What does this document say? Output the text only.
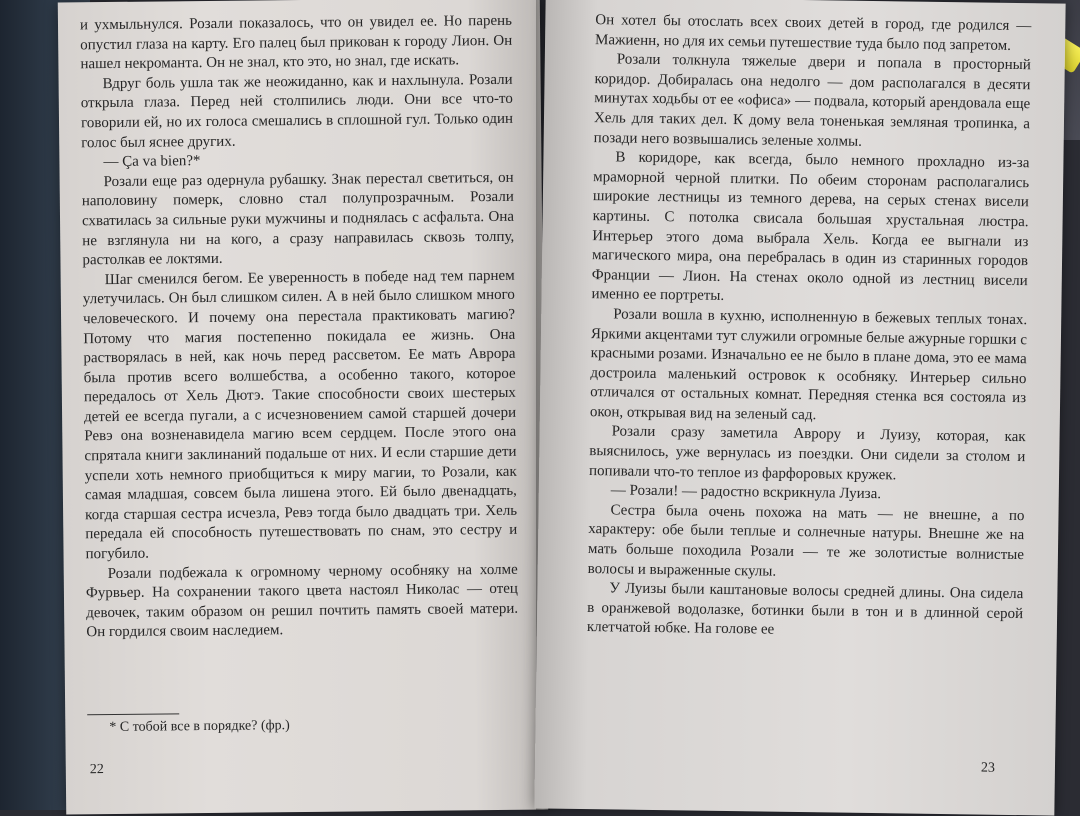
и ухмыльнулся. Розали показалось, что он увидел ее. Но парень опустил глаза на карту. Его палец был прикован к городу Лион. Он нашел некроманта. Он не знал, кто это, но знал, где искать.

Вдруг боль ушла так же неожиданно, как и нахлынула. Розали открыла глаза. Перед ней столпились люди. Они все что-то говорили ей, но их голоса смешались в сплошной гул. Только один голос был яснее других.

— Ça va bien?*

Розали еще раз одернула рубашку. Знак перестал светиться, он наполовину померк, словно стал полупрозрачным. Розали схватилась за сильные руки мужчины и поднялась с асфальта. Она не взглянула ни на кого, а сразу направилась сквозь толпу, растолкав ее локтями.

Шаг сменился бегом. Ее уверенность в победе над тем парнем улетучилась. Он был слишком силен. А в ней было слишком много человеческого. И почему она перестала практиковать магию? Потому что магия постепенно покидала ее жизнь. Она растворялась в ней, как ночь перед рассветом. Ее мать Аврора была против всего волшебства, а особенно такого, которое передалось от Хель Дютэ. Такие способности своих шестерых детей ее всегда пугали, а с исчезновением самой старшей дочери Ревэ она возненавидела магию всем сердцем. После этого она спрятала книги заклинаний подальше от них. И если старшие дети успели хоть немного приобщиться к миру магии, то Розали, как самая младшая, совсем была лишена этого. Ей было двенадцать, когда старшая сестра исчезла, Ревэ тогда было двадцать три. Хель передала ей способность путешествовать по снам, это сестру и погубило.

Розали подбежала к огромному черному особняку на холме Фурвьер. На сохранении такого цвета настоял Николас — отец девочек, таким образом он решил почтить память своей матери. Он гордился своим наследием.

* С тобой все в порядке? (фр.)
22

Он хотел бы отослать всех своих детей в город, где родился — Мажиенн, но для их семьи путешествие туда было под запретом.

Розали толкнула тяжелые двери и попала в просторный коридор. Добиралась она недолго — дом располагался в десяти минутах ходьбы от ее «офиса» — подвала, который арендовала еще Хель для таких дел. К дому вела тоненькая земляная тропинка, а позади него возвышались зеленые холмы.

В коридоре, как всегда, было немного прохладно из-за мраморной черной плитки. По обеим сторонам располагались широкие лестницы из темного дерева, на серых стенах висели картины. С потолка свисала большая хрустальная люстра. Интерьер этого дома выбрала Хель. Когда ее выгнали из магического мира, она перебралась в один из старинных городов Франции — Лион. На стенах около одной из лестниц висели именно ее портреты.

Розали вошла в кухню, исполненную в бежевых теплых тонах. Яркими акцентами тут служили огромные белые ажурные горшки с красными розами. Изначально ее не было в плане дома, это ее мама достроила маленький островок к особняку. Интерьер сильно отличался от остальных комнат. Передняя стенка вся состояла из окон, открывая вид на зеленый сад.

Розали сразу заметила Аврору и Луизу, которая, как выяснилось, уже вернулась из поездки. Они сидели за столом и попивали что-то теплое из фарфоровых кружек.

— Розали! — радостно вскрикнула Луиза.

Сестра была очень похожа на мать — не внешне, а по характеру: обе были теплые и солнечные натуры. Внешне же на мать больше походила Розали — те же золотистые волнистые волосы и выраженные скулы.

У Луизы были каштановые волосы средней длины. Она сидела в оранжевой водолазке, ботинки были в тон и в длинной серой клетчатой юбке. На голове ее

23
